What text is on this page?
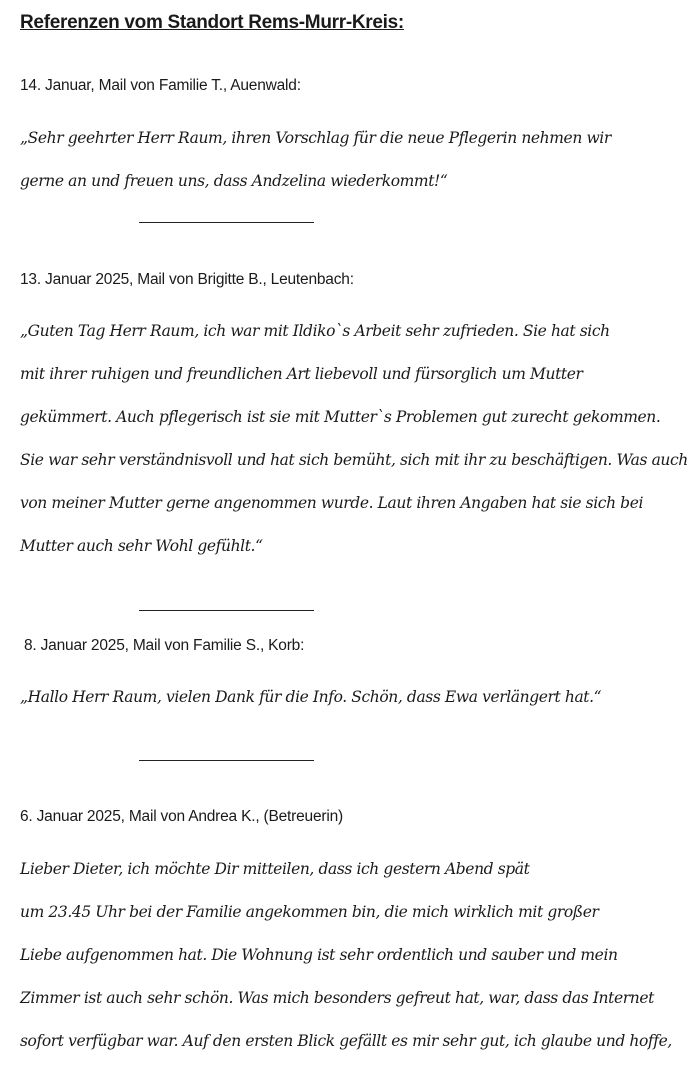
Referenzen vom Standort Rems-Murr-Kreis:
14. Januar, Mail von Familie T., Auenwald:
„Sehr geehrter Herr Raum, ihren Vorschlag für die neue Pflegerin nehmen wir
gerne an und freuen uns, dass Andzelina wiederkommt!“
13. Januar 2025, Mail von Brigitte B., Leutenbach:
„Guten Tag Herr Raum, ich war mit Ildiko`s Arbeit sehr zufrieden. Sie hat sich
mit ihrer ruhigen und freundlichen Art liebevoll und fürsorglich um Mutter
gekümmert. Auch pflegerisch ist sie mit Mutter`s Problemen gut zurecht gekommen.
Sie war sehr verständnisvoll und hat sich bemüht, sich mit ihr zu beschäftigen. Was auch
von meiner Mutter gerne angenommen wurde. Laut ihren Angaben hat sie sich bei
Mutter auch sehr Wohl gefühlt.“
8. Januar 2025, Mail von Familie S., Korb:
„Hallo Herr Raum, vielen Dank für die Info. Schön, dass Ewa verlängert hat.“
6. Januar 2025, Mail von Andrea K., (Betreuerin)
Lieber Dieter, ich möchte Dir mitteilen, dass ich gestern Abend spät
um 23.45 Uhr bei der Familie angekommen bin, die mich wirklich mit großer
Liebe aufgenommen hat. Die Wohnung ist sehr ordentlich und sauber und mein
Zimmer ist auch sehr schön. Was mich besonders gefreut hat, war, dass das Internet
sofort verfügbar war. Auf den ersten Blick gefällt es mir sehr gut, ich glaube und hoffe,
